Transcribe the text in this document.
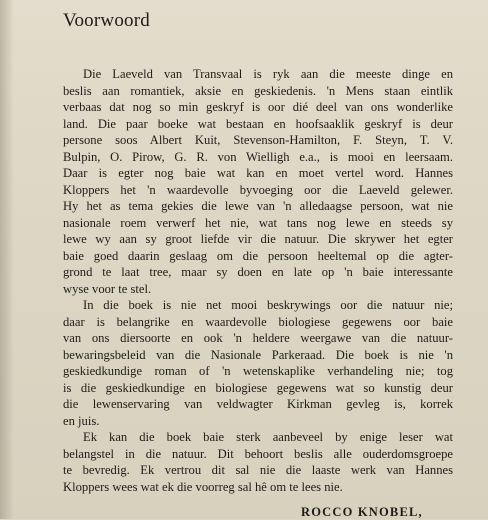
Voorwoord
Die Laeveld van Transvaal is ryk aan die meeste dinge en
beslis aan romantiek, aksie en geskiedenis. 'n Mens staan eintlik
verbaas dat nog so min geskryf is oor dié deel van ons wonderlike
land. Die paar boeke wat bestaan en hoofsaaklik geskryf is deur
persone soos Albert Kuit, Stevenson-Hamilton, F. Steyn, T. V.
Bulpin, O. Pirow, G. R. von Wielligh e.a., is mooi en leersaam.
Daar is egter nog baie wat kan en moet vertel word. Hannes
Kloppers het 'n waardevolle byvoeging oor die Laeveld gelewer.
Hy het as tema gekies die lewe van 'n alledaagse persoon, wat nie
nasionale roem verwerf het nie, wat tans nog lewe en steeds sy
lewe wy aan sy groot liefde vir die natuur. Die skrywer het egter
baie goed daarin geslaag om die persoon heeltemal op die agter-
grond te laat tree, maar sy doen en late op 'n baie interessante
wyse voor te stel.
In die boek is nie net mooi beskrywings oor die natuur nie;
daar is belangrike en waardevolle biologiese gegewens oor baie
van ons diersoorte en ook 'n heldere weergawe van die natuur-
bewaringsbeleid van die Nasionale Parkeraad. Die boek is nie 'n
geskiedkundige roman of 'n wetenskaplike verhandeling nie; tog
is die geskiedkundige en biologiese gegewens wat so kunstig deur
die lewenservaring van veldwagter Kirkman gevleg is, korrek
en juis.
Ek kan die boek baie sterk aanbeveel by enige leser wat
belangstel in die natuur. Dit behoort beslis alle ouderdomsgroepe
te bevredig. Ek vertrou dit sal nie die laaste werk van Hannes
Kloppers wees wat ek die voorreg sal hê om te lees nie.
ROCCO KNOBEL,
